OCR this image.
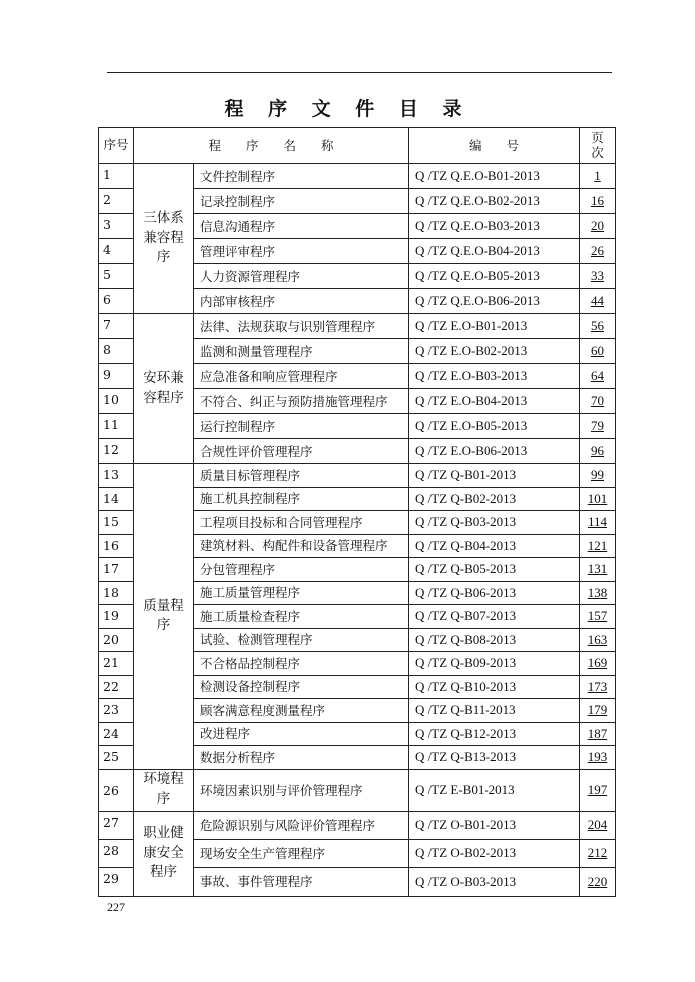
程 序 文 件 目 录
序号	程　　序　　名　　称		编　　号	页次
1	三体系兼容程序	文件控制程序	Q /TZ Q.E.O-B01-2013	1
2		记录控制程序	Q /TZ Q.E.O-B02-2013	16
3		信息沟通程序	Q /TZ Q.E.O-B03-2013	20
4		管理评审程序	Q /TZ Q.E.O-B04-2013	26
5		人力资源管理程序	Q /TZ Q.E.O-B05-2013	33
6		内部审核程序	Q /TZ Q.E.O-B06-2013	44
7	安环兼容程序	法律、法规获取与识别管理程序	Q /TZ E.O-B01-2013	56
8		监测和测量管理程序	Q /TZ E.O-B02-2013	60
9		应急准备和响应管理程序	Q /TZ E.O-B03-2013	64
10		不符合、纠正与预防措施管理程序	Q /TZ E.O-B04-2013	70
11		运行控制程序	Q /TZ E.O-B05-2013	79
12		合规性评价管理程序	Q /TZ E.O-B06-2013	96
13	质量程序	质量目标管理程序	Q /TZ Q-B01-2013	99
14		施工机具控制程序	Q /TZ Q-B02-2013	101
15		工程项目投标和合同管理程序	Q /TZ Q-B03-2013	114
16		建筑材料、构配件和设备管理程序	Q /TZ Q-B04-2013	121
17		分包管理程序	Q /TZ Q-B05-2013	131
18		施工质量管理程序	Q /TZ Q-B06-2013	138
19		施工质量检查程序	Q /TZ Q-B07-2013	157
20		试验、检测管理程序	Q /TZ Q-B08-2013	163
21		不合格品控制程序	Q /TZ Q-B09-2013	169
22		检测设备控制程序	Q /TZ Q-B10-2013	173
23		顾客满意程度测量程序	Q /TZ Q-B11-2013	179
24		改进程序	Q /TZ Q-B12-2013	187
25		数据分析程序	Q /TZ Q-B13-2013	193
26	环境程序	环境因素识别与评价管理程序	Q /TZ E-B01-2013	197
27	职业健康安全程序	危险源识别与风险评价管理程序	Q /TZ O-B01-2013	204
28		现场安全生产管理程序	Q /TZ O-B02-2013	212
29		事故、事件管理程序	Q /TZ O-B03-2013	220
227
